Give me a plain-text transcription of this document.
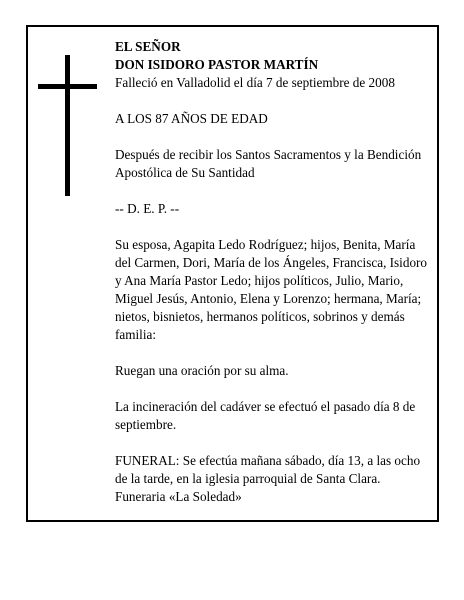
EL SEÑOR

DON ISIDORO PASTOR MARTÍN

Falleció en Valladolid el día 7 de septiembre de 2008

A LOS 87 AÑOS DE EDAD

Después de recibir los Santos Sacramentos y la Bendición Apostólica de Su Santidad

-- D. E. P. --

Su esposa, Agapita Ledo Rodríguez; hijos, Benita, María del Carmen, Dori, María de los Ángeles, Francisca, Isidoro y Ana María Pastor Ledo; hijos políticos, Julio, Mario, Miguel Jesús, Antonio, Elena y Lorenzo; hermana, María; nietos, bisnietos, hermanos políticos, sobrinos y demás familia:

Ruegan una oración por su alma.

La incineración del cadáver se efectuó el pasado día 8 de septiembre.

FUNERAL: Se efectúa mañana sábado, día 13, a las ocho de la tarde, en la iglesia parroquial de Santa Clara.

Funeraria «La Soledad»
